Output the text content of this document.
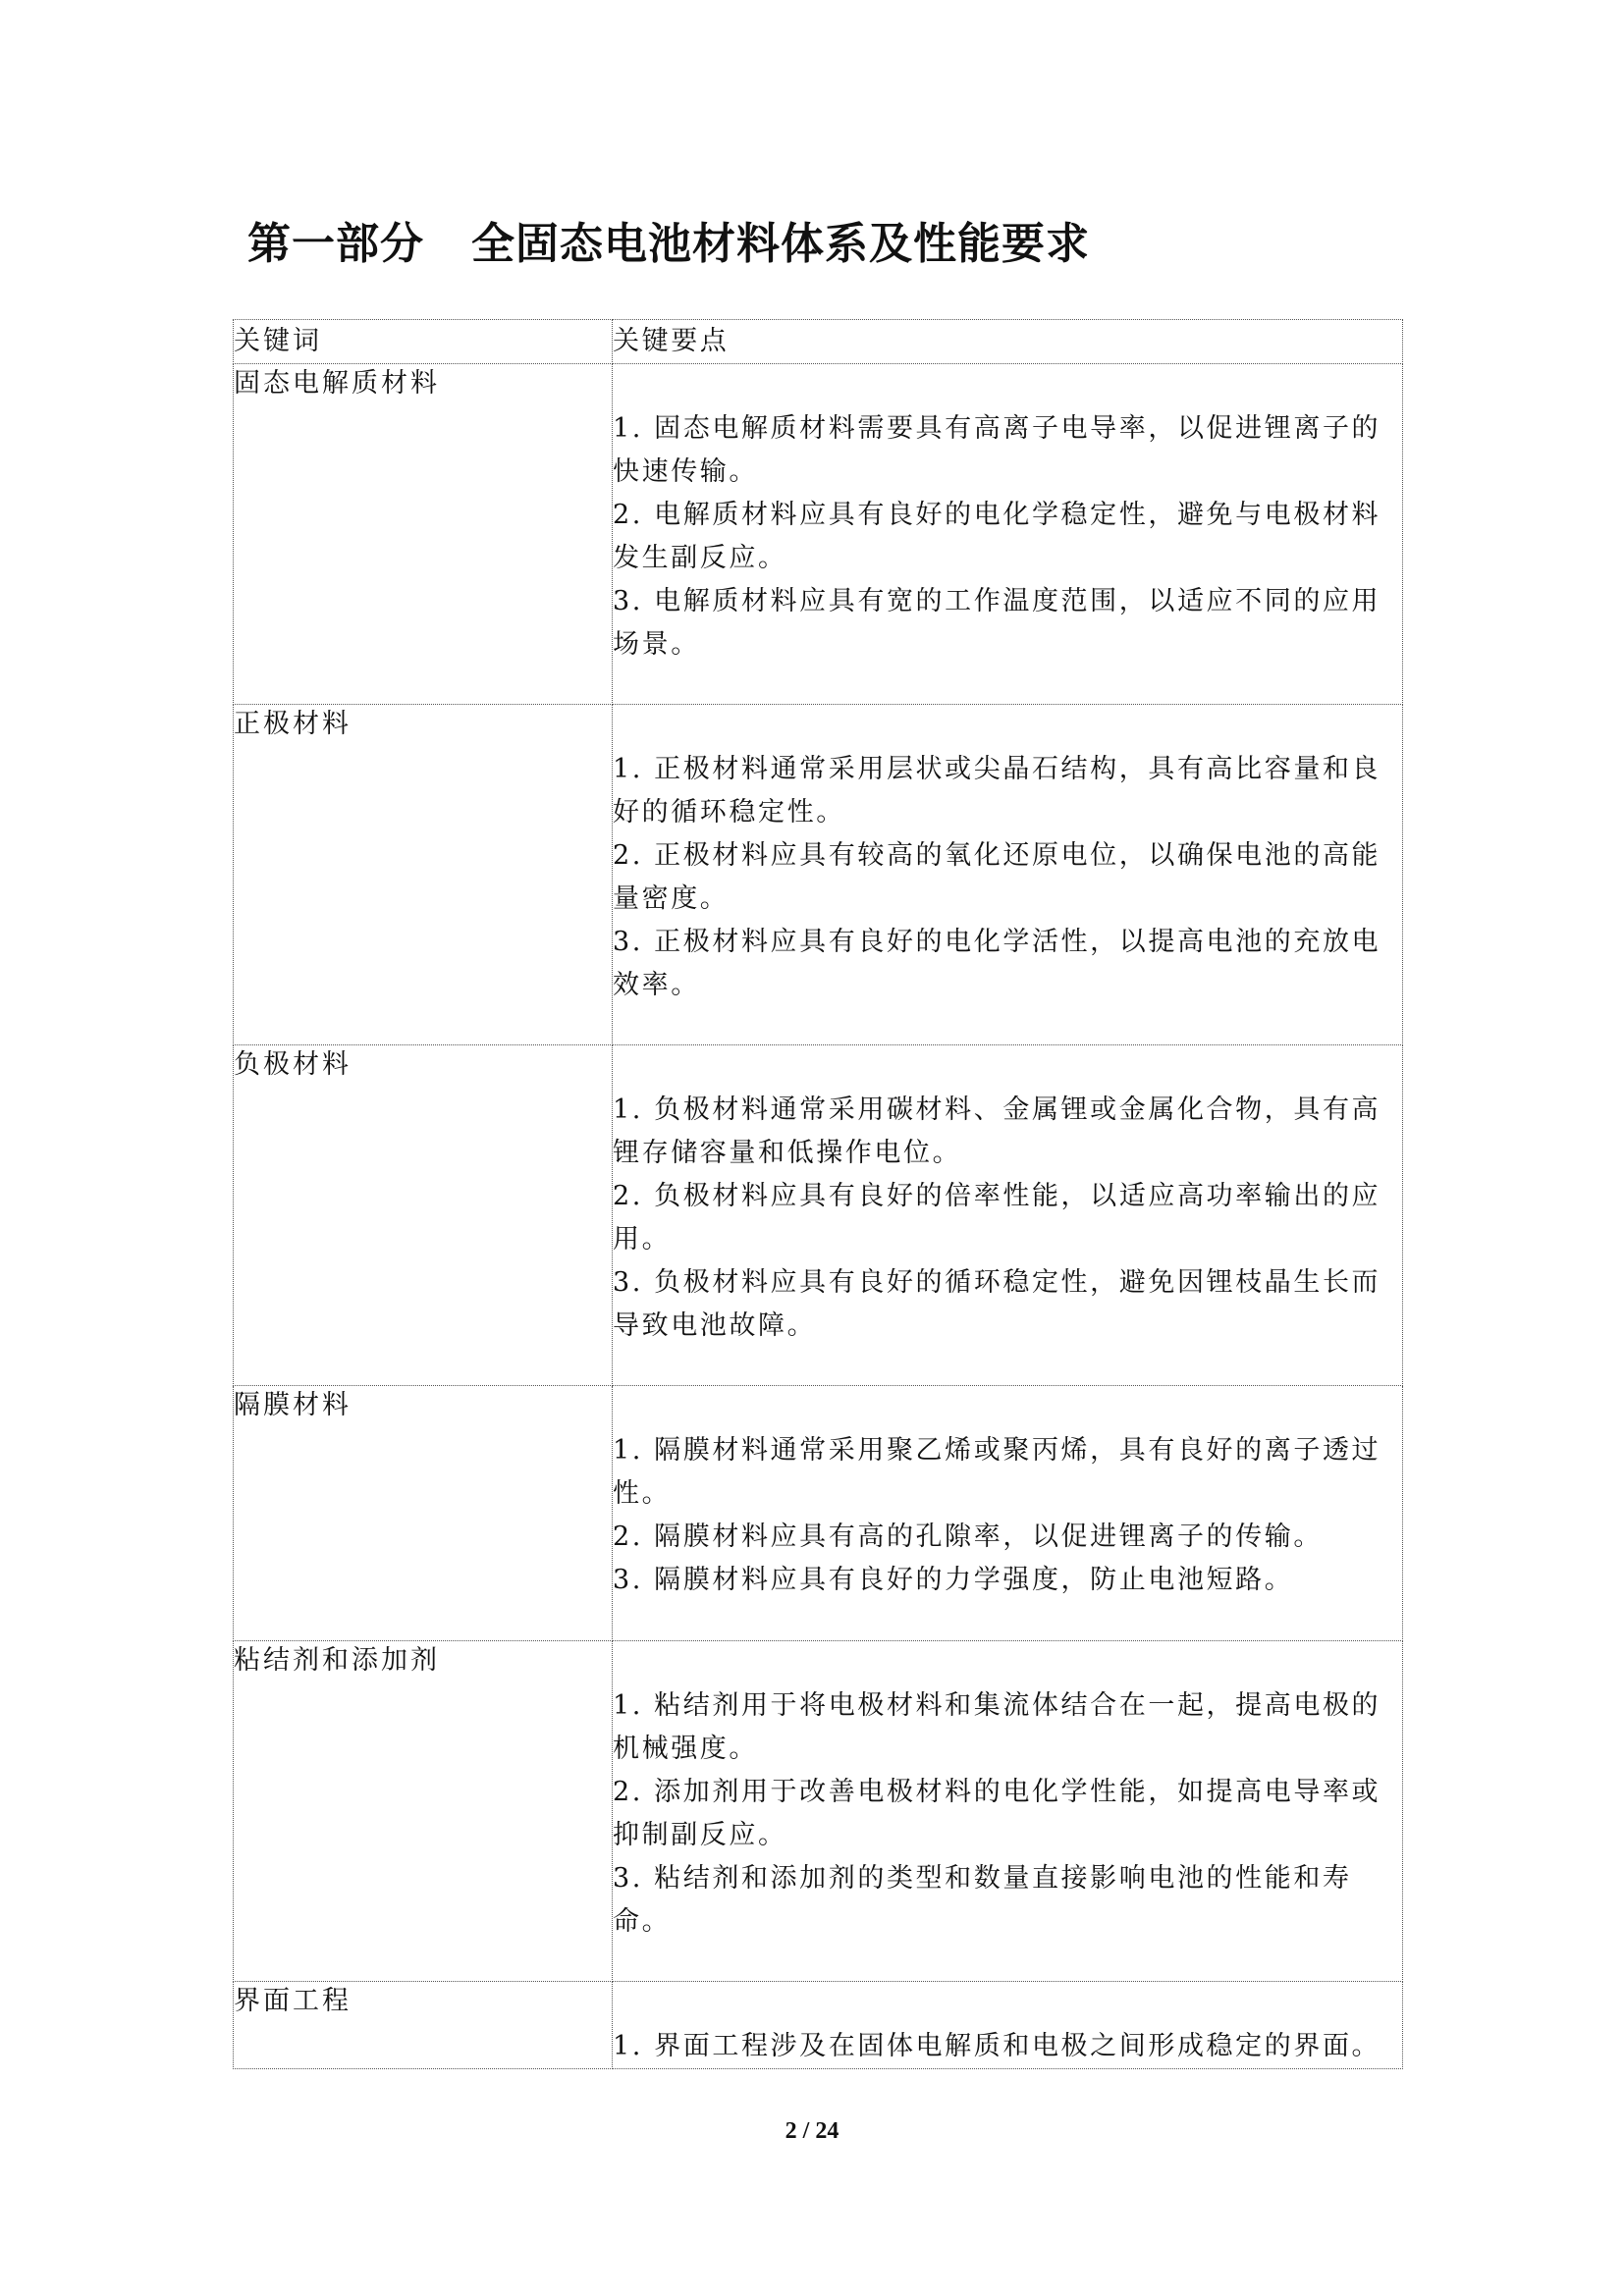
第一部分 全固态电池材料体系及性能要求
关键词	关键要点
固态电解质材料	1. 固态电解质材料需要具有高离子电导率，以促进锂离子的快速传输。

2. 电解质材料应具有良好的电化学稳定性，避免与电极材料发生副反应。

3. 电解质材料应具有宽的工作温度范围，以适应不同的应用场景。

正极材料	1. 正极材料通常采用层状或尖晶石结构，具有高比容量和良好的循环稳定性。

2. 正极材料应具有较高的氧化还原电位，以确保电池的高能量密度。

3. 正极材料应具有良好的电化学活性，以提高电池的充放电效率。

负极材料	1. 负极材料通常采用碳材料、金属锂或金属化合物，具有高锂存储容量和低操作电位。

2. 负极材料应具有良好的倍率性能，以适应高功率输出的应用。

3. 负极材料应具有良好的循环稳定性，避免因锂枝晶生长而导致电池故障。

隔膜材料	1. 隔膜材料通常采用聚乙烯或聚丙烯，具有良好的离子透过性。

2. 隔膜材料应具有高的孔隙率，以促进锂离子的传输。

3. 隔膜材料应具有良好的力学强度，防止电池短路。

粘结剂和添加剂	1. 粘结剂用于将电极材料和集流体结合在一起，提高电极的机械强度。

2. 添加剂用于改善电极材料的电化学性能，如提高电导率或抑制副反应。

3. 粘结剂和添加剂的类型和数量直接影响电池的性能和寿命。

界面工程	1. 界面工程涉及在固体电解质和电极之间形成稳定的界面。

2 / 24
